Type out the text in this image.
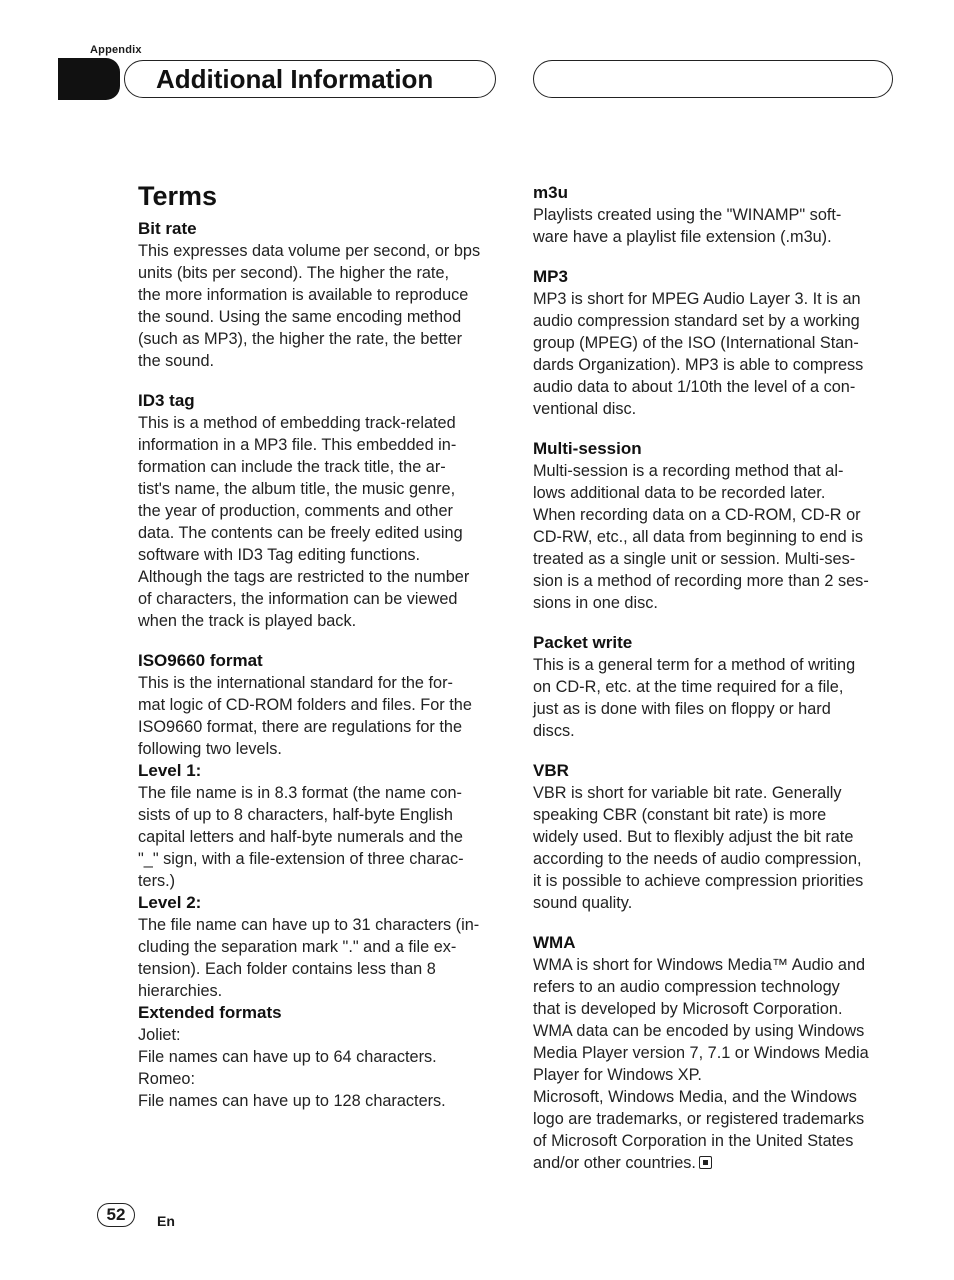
Appendix
Additional Information
Terms

Bit rate

This expresses data volume per second, or bps

units (bits per second). The higher the rate,

the more information is available to reproduce

the sound. Using the same encoding method

(such as MP3), the higher the rate, the better

the sound.

ID3 tag

This is a method of embedding track-related

information in a MP3 file. This embedded in-

formation can include the track title, the ar-

tist's name, the album title, the music genre,

the year of production, comments and other

data. The contents can be freely edited using

software with ID3 Tag editing functions.

Although the tags are restricted to the number

of characters, the information can be viewed

when the track is played back.

ISO9660 format

This is the international standard for the for-

mat logic of CD-ROM folders and files. For the

ISO9660 format, there are regulations for the

following two levels.

Level 1:

The file name is in 8.3 format (the name con-

sists of up to 8 characters, half-byte English

capital letters and half-byte numerals and the

"_" sign, with a file-extension of three charac-

ters.)

Level 2:

The file name can have up to 31 characters (in-

cluding the separation mark "." and a file ex-

tension). Each folder contains less than 8

hierarchies.

Extended formats

Joliet:

File names can have up to 64 characters.

Romeo:

File names can have up to 128 characters.

m3u

Playlists created using the "WINAMP" soft-

ware have a playlist file extension (.m3u).

MP3

MP3 is short for MPEG Audio Layer 3. It is an

audio compression standard set by a working

group (MPEG) of the ISO (International Stan-

dards Organization). MP3 is able to compress

audio data to about 1/10th the level of a con-

ventional disc.

Multi-session

Multi-session is a recording method that al-

lows additional data to be recorded later.

When recording data on a CD-ROM, CD-R or

CD-RW, etc., all data from beginning to end is

treated as a single unit or session. Multi-ses-

sion is a method of recording more than 2 ses-

sions in one disc.

Packet write

This is a general term for a method of writing

on CD-R, etc. at the time required for a file,

just as is done with files on floppy or hard

discs.

VBR

VBR is short for variable bit rate. Generally

speaking CBR (constant bit rate) is more

widely used. But to flexibly adjust the bit rate

according to the needs of audio compression,

it is possible to achieve compression priorities

sound quality.

WMA

WMA is short for Windows Media™ Audio and

refers to an audio compression technology

that is developed by Microsoft Corporation.

WMA data can be encoded by using Windows

Media Player version 7, 7.1 or Windows Media

Player for Windows XP.

Microsoft, Windows Media, and the Windows

logo are trademarks, or registered trademarks

of Microsoft Corporation in the United States

and/or other countries.

52	En
